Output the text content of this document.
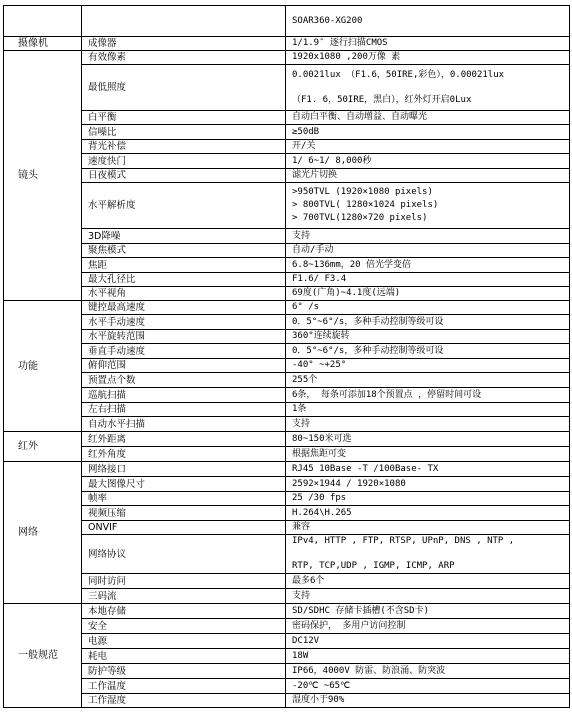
		SOAR360-XG200
摄像机	成像器	1/1.9″ 逐行扫描CMOS

镜头	有效像素	1920x1080 ,200万像 素

	最低照度	0.0021lux （F1.6，50IRE,彩色），0.00021lux
（F1. 6，50IRE，黑白），红外灯开启0Lux

	白平衡	自动白平衡、自动增益、自动曝光

	信噪比	≥50dB

	背光补偿	开/关

	速度快门	1/ 6~1/ 8,000秒

	日夜模式	滤光片切换

	水平解析度	>950TVL (1920×1080 pixels)
> 800TVL( 1280×1024 pixels)
> 700TVL(1280×720 pixels)

	3D降噪	支持

	聚焦模式	自动/手动

	焦距	6.8~136mm，20 倍光学变倍

	最大孔径比	F1.6/ F3.4

	水平视角	69度(广角)~4.1度(远端)

功能	键控最高速度	6° /s

	水平手动速度	0．5°~6°/s，多种手动控制等级可设

	水平旋转范围	360°连续旋转

	垂直手动速度	0．5°~6°/s，多种手动控制等级可设

	俯仰范围	-40° ~+25°

	预置点个数	255个

	巡航扫描	6条， 每条可添加18个预置点 ，停留时间可设

	左右扫描	1条

	自动水平扫描	支持

红外	红外距离	80~150米可选

	红外角度	根据焦距可变

网络	网络接口	RJ45 10Base -T /100Base- TX

	最大图像尺寸	2592×1944 / 1920×1080

	帧率	25 /30 fps

	视频压缩	H.264\H.265

	ONVIF	兼容

	网络协议	IPv4, HTTP , FTP, RTSP, UPnP, DNS , NTP ,
RTP, TCP,UDP , IGMP, ICMP, ARP

	同时访问	最多6个

	三码流	支持

一般规范	本地存储	SD/SDHC 存储卡插槽(不含SD卡)

	安全	密码保护， 多用户访问控制

	电源	DC12V

	耗电	18W

	防护等级	IP66，4000V 防雷、防浪涌、防突波

	工作温度	-20℃ ~65℃

	工作湿度	湿度小于90%
